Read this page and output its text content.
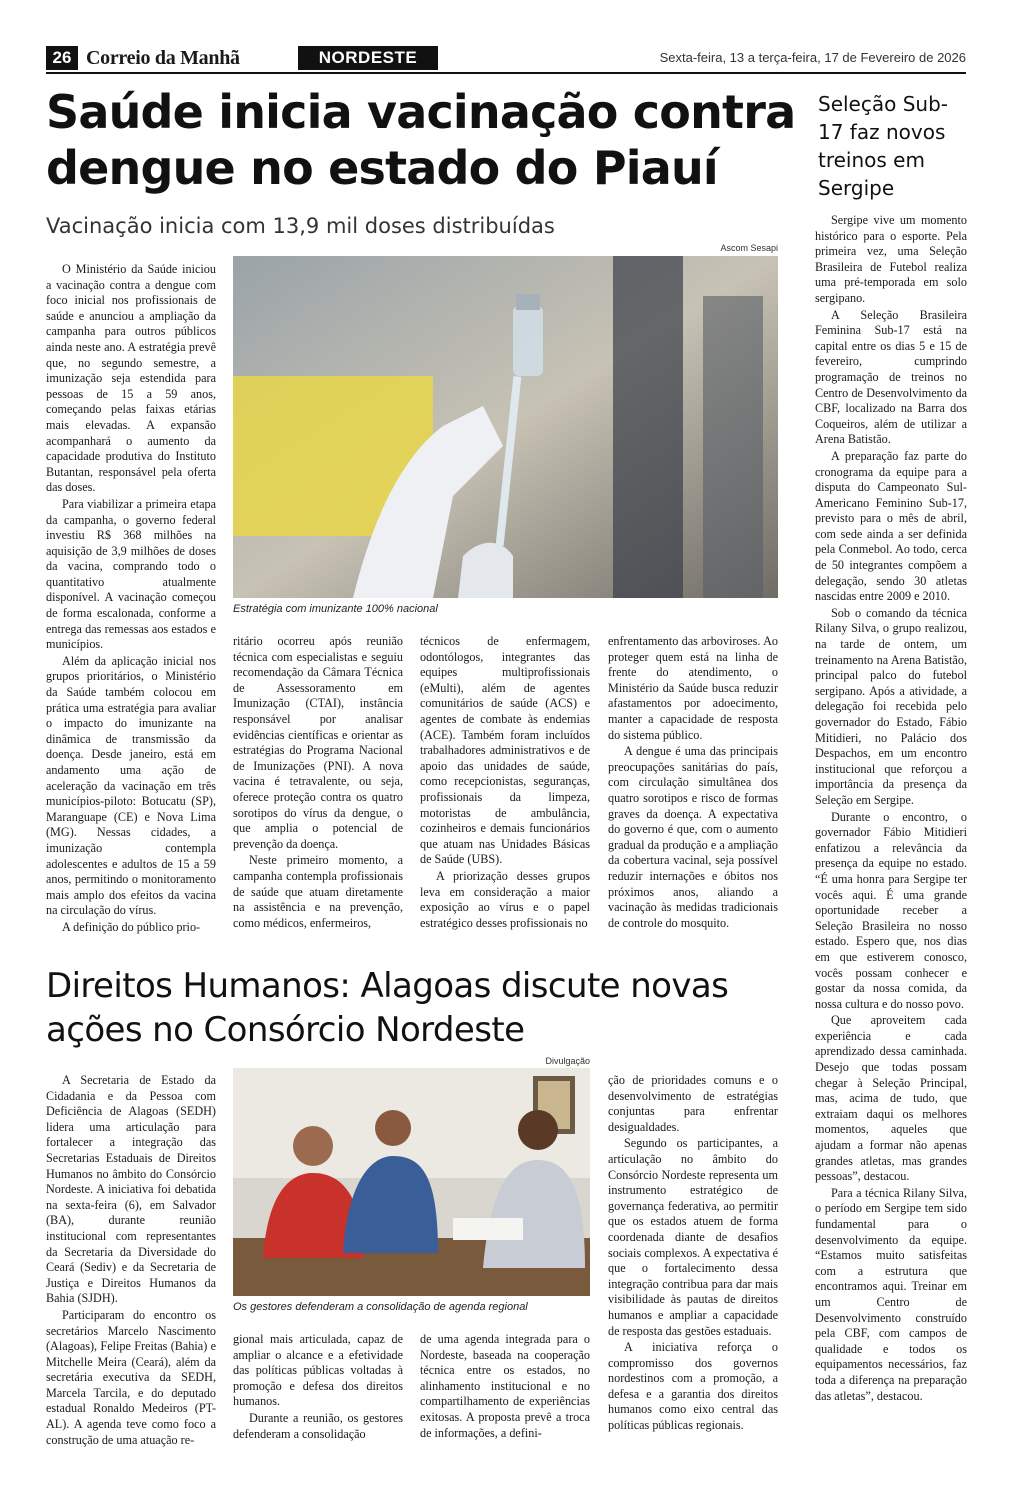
26 Correio da Manhã	NORDESTE	Sexta-feira, 13 a terça-feira, 17 de Fevereiro de 2026
Saúde inicia vacinação contra dengue no estado do Piauí
Vacinação inicia com 13,9 mil doses distribuídas
Ascom Sesapi
Estratégia com imunizante 100% nacional

O Ministério da Saúde iniciou a vacinação contra a dengue com foco inicial nos profissionais de saúde e anunciou a ampliação da campanha para outros públicos ainda neste ano. A estratégia prevê que, no segundo semestre, a imunização seja estendida para pessoas de 15 a 59 anos, começando pelas faixas etárias mais elevadas. A expansão acompanhará o aumento da capacidade produtiva do Instituto Butantan, responsável pela oferta das doses.

Para viabilizar a primeira etapa da campanha, o governo federal investiu R$ 368 milhões na aquisição de 3,9 milhões de doses da vacina, comprando todo o quantitativo atualmente disponível. A vacinação começou de forma escalonada, conforme a entrega das remessas aos estados e municípios.

Além da aplicação inicial nos grupos prioritários, o Ministério da Saúde também colocou em prática uma estratégia para avaliar o impacto do imunizante na dinâmica de transmissão da doença. Desde janeiro, está em andamento uma ação de aceleração da vacinação em três municípios-piloto: Botucatu (SP), Maranguape (CE) e Nova Lima (MG). Nessas cidades, a imunização contempla adolescentes e adultos de 15 a 59 anos, permitindo o monitoramento mais amplo dos efeitos da vacina na circulação do vírus.

A definição do público prio-

ritário ocorreu após reunião técnica com especialistas e seguiu recomendação da Câmara Técnica de Assessoramento em Imunização (CTAI), instância responsável por analisar evidências científicas e orientar as estratégias do Programa Nacional de Imunizações (PNI). A nova vacina é tetravalente, ou seja, oferece proteção contra os quatro sorotipos do vírus da dengue, o que amplia o potencial de prevenção da doença.

Neste primeiro momento, a campanha contempla profissionais de saúde que atuam diretamente na assistência e na prevenção, como médicos, enfermeiros,

técnicos de enfermagem, odontólogos, integrantes das equipes multiprofissionais (eMulti), além de agentes comunitários de saúde (ACS) e agentes de combate às endemias (ACE). Também foram incluídos trabalhadores administrativos e de apoio das unidades de saúde, como recepcionistas, seguranças, profissionais da limpeza, motoristas de ambulância, cozinheiros e demais funcionários que atuam nas Unidades Básicas de Saúde (UBS).

A priorização desses grupos leva em consideração a maior exposição ao vírus e o papel estratégico desses profissionais no

enfrentamento das arboviroses. Ao proteger quem está na linha de frente do atendimento, o Ministério da Saúde busca reduzir afastamentos por adoecimento, manter a capacidade de resposta do sistema público.

A dengue é uma das principais preocupações sanitárias do país, com circulação simultânea dos quatro sorotipos e risco de formas graves da doença. A expectativa do governo é que, com o aumento gradual da produção e a ampliação da cobertura vacinal, seja possível reduzir internações e óbitos nos próximos anos, aliando a vacinação às medidas tradicionais de controle do mosquito.

Direitos Humanos: Alagoas discute novas ações no Consórcio Nordeste
Divulgação
Os gestores defenderam a consolidação de agenda regional

A Secretaria de Estado da Cidadania e da Pessoa com Deficiência de Alagoas (SEDH) lidera uma articulação para fortalecer a integração das Secretarias Estaduais de Direitos Humanos no âmbito do Consórcio Nordeste. A iniciativa foi debatida na sexta-feira (6), em Salvador (BA), durante reunião institucional com representantes da Secretaria da Diversidade do Ceará (Sediv) e da Secretaria de Justiça e Direitos Humanos da Bahia (SJDH).

Participaram do encontro os secretários Marcelo Nascimento (Alagoas), Felipe Freitas (Bahia) e Mitchelle Meira (Ceará), além da secretária executiva da SEDH, Marcela Tarcila, e do deputado estadual Ronaldo Medeiros (PT-AL). A agenda teve como foco a construção de uma atuação re-

gional mais articulada, capaz de ampliar o alcance e a efetividade das políticas públicas voltadas à promoção e defesa dos direitos humanos.

Durante a reunião, os gestores defenderam a consolidação

de uma agenda integrada para o Nordeste, baseada na cooperação técnica entre os estados, no alinhamento institucional e no compartilhamento de experiências exitosas. A proposta prevê a troca de informações, a defini-

ção de prioridades comuns e o desenvolvimento de estratégias conjuntas para enfrentar desigualdades.

Segundo os participantes, a articulação no âmbito do Consórcio Nordeste representa um instrumento estratégico de governança federativa, ao permitir que os estados atuem de forma coordenada diante de desafios sociais complexos. A expectativa é que o fortalecimento dessa integração contribua para dar mais visibilidade às pautas de direitos humanos e ampliar a capacidade de resposta das gestões estaduais.

A iniciativa reforça o compromisso dos governos nordestinos com a promoção, a defesa e a garantia dos direitos humanos como eixo central das políticas públicas regionais.

Seleção Sub-17 faz novos treinos em Sergipe

Sergipe vive um momento histórico para o esporte. Pela primeira vez, uma Seleção Brasileira de Futebol realiza uma pré-temporada em solo sergipano.

A Seleção Brasileira Feminina Sub-17 está na capital entre os dias 5 e 15 de fevereiro, cumprindo programação de treinos no Centro de Desenvolvimento da CBF, localizado na Barra dos Coqueiros, além de utilizar a Arena Batistão.

A preparação faz parte do cronograma da equipe para a disputa do Campeonato Sul-Americano Feminino Sub-17, previsto para o mês de abril, com sede ainda a ser definida pela Conmebol. Ao todo, cerca de 50 integrantes compõem a delegação, sendo 30 atletas nascidas entre 2009 e 2010.

Sob o comando da técnica Rilany Silva, o grupo realizou, na tarde de ontem, um treinamento na Arena Batistão, principal palco do futebol sergipano. Após a atividade, a delegação foi recebida pelo governador do Estado, Fábio Mitidieri, no Palácio dos Despachos, em um encontro institucional que reforçou a importância da presença da Seleção em Sergipe.

Durante o encontro, o governador Fábio Mitidieri enfatizou a relevância da presença da equipe no estado. “É uma honra para Sergipe ter vocês aqui. É uma grande oportunidade receber a Seleção Brasileira no nosso estado. Espero que, nos dias em que estiverem conosco, vocês possam conhecer e gostar da nossa comida, da nossa cultura e do nosso povo.

Que aproveitem cada experiência e cada aprendizado dessa caminhada. Desejo que todas possam chegar à Seleção Principal, mas, acima de tudo, que extraiam daqui os melhores momentos, aqueles que ajudam a formar não apenas grandes atletas, mas grandes pessoas”, destacou.

Para a técnica Rilany Silva, o período em Sergipe tem sido fundamental para o desenvolvimento da equipe. “Estamos muito satisfeitas com a estrutura que encontramos aqui. Treinar em um Centro de Desenvolvimento construído pela CBF, com campos de qualidade e todos os equipamentos necessários, faz toda a diferença na preparação das atletas”, destacou.
